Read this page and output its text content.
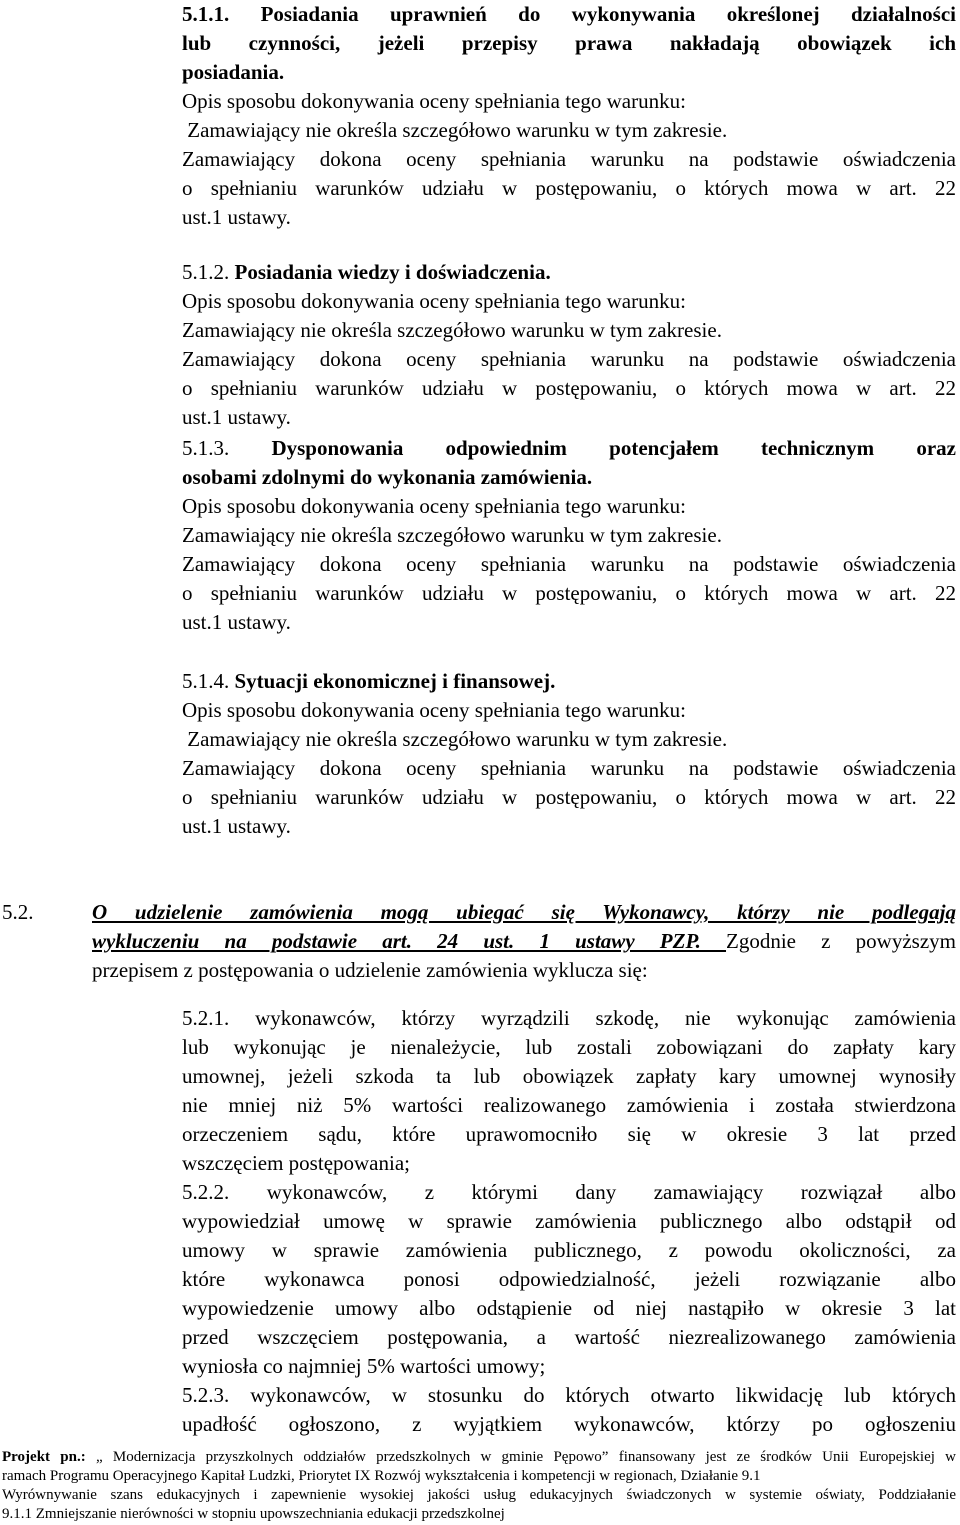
5.1.1. Posiadania uprawnień do wykonywania określonej działalności

lub czynności, jeżeli przepisy prawa nakładają obowiązek ich

posiadania.

Opis sposobu dokonywania oceny spełniania tego warunku:

Zamawiający nie określa szczegółowo warunku w tym zakresie.

Zamawiający dokona oceny spełniania warunku na podstawie oświadczenia

o spełnianiu warunków udziału w postępowaniu, o których mowa w art. 22

ust.1 ustawy.

5.1.2. Posiadania wiedzy i doświadczenia.

Opis sposobu dokonywania oceny spełniania tego warunku:

Zamawiający nie określa szczegółowo warunku w tym zakresie.

Zamawiający dokona oceny spełniania warunku na podstawie oświadczenia

o spełnianiu warunków udziału w postępowaniu, o których mowa w art. 22

ust.1 ustawy.

5.1.3. Dysponowania odpowiednim potencjałem technicznym oraz

osobami zdolnymi do wykonania zamówienia.

Opis sposobu dokonywania oceny spełniania tego warunku:

Zamawiający nie określa szczegółowo warunku w tym zakresie.

Zamawiający dokona oceny spełniania warunku na podstawie oświadczenia

o spełnianiu warunków udziału w postępowaniu, o których mowa w art. 22

ust.1 ustawy.

5.1.4. Sytuacji ekonomicznej i finansowej.

Opis sposobu dokonywania oceny spełniania tego warunku:

Zamawiający nie określa szczegółowo warunku w tym zakresie.

Zamawiający dokona oceny spełniania warunku na podstawie oświadczenia

o spełnianiu warunków udziału w postępowaniu, o których mowa w art. 22

ust.1 ustawy.

5.2.	O udzielenie zamówienia mogą ubiegać się Wykonawcy, którzy nie podlegają

wykluczeniu na podstawie art. 24 ust. 1 ustawy PZP. Zgodnie z powyższym

przepisem z postępowania o udzielenie zamówienia wyklucza się:

5.2.1. wykonawców, którzy wyrządzili szkodę, nie wykonując zamówienia

lub wykonując je nienależycie, lub zostali zobowiązani do zapłaty kary

umownej, jeżeli szkoda ta lub obowiązek zapłaty kary umownej wynosiły

nie mniej niż 5% wartości realizowanego zamówienia i została stwierdzona

orzeczeniem sądu, które uprawomocniło się w okresie 3 lat przed

wszczęciem postępowania;

5.2.2. wykonawców, z którymi dany zamawiający rozwiązał albo

wypowiedział umowę w sprawie zamówienia publicznego albo odstąpił od

umowy w sprawie zamówienia publicznego, z powodu okoliczności, za

które wykonawca ponosi odpowiedzialność, jeżeli rozwiązanie albo

wypowiedzenie umowy albo odstąpienie od niej nastąpiło w okresie 3 lat

przed wszczęciem postępowania, a wartość niezrealizowanego zamówienia

wyniosła co najmniej 5% wartości umowy;

5.2.3. wykonawców, w stosunku do których otwarto likwidację lub których

upadłość ogłoszono, z wyjątkiem wykonawców, którzy po ogłoszeniu

Projekt pn.: „ Modernizacja przyszkolnych oddziałów przedszkolnych w gminie Pępowo” finansowany jest ze środków Unii Europejskiej w

ramach Programu Operacyjnego Kapitał Ludzki, Priorytet IX Rozwój wykształcenia i kompetencji w regionach, Działanie 9.1

Wyrównywanie szans edukacyjnych i zapewnienie wysokiej jakości usług edukacyjnych świadczonych w systemie oświaty, Poddziałanie

9.1.1 Zmniejszanie nierówności w stopniu upowszechniania edukacji przedszkolnej
